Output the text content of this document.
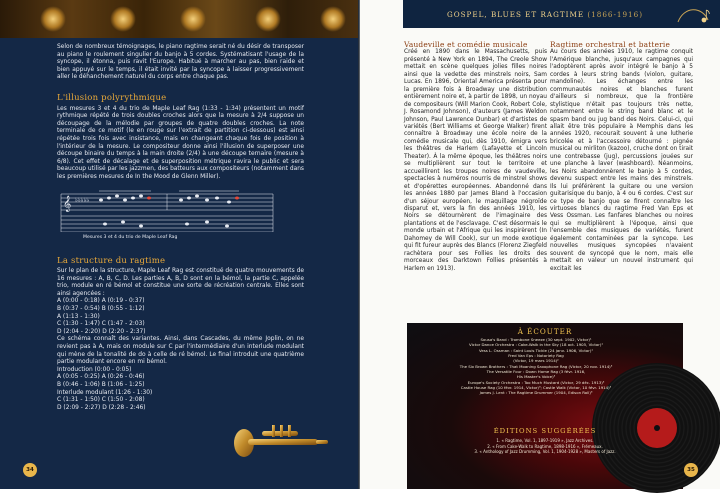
Selon de nombreux témoignages, le piano ragtime serait né du désir de transposer au piano le roulement singulier du banjo à 5 cordes. Systématisant l'usage de la syncope, il étonna, puis ravit l'Europe. Habitué à marcher au pas, bien raide et bien appuyé sur le temps, il était invité par la syncope à laisser progressivement aller le déhanchement naturel du corps entre chaque pas.

L'illusion polyrythmique

Les mesures 3 et 4 du trio de Maple Leaf Rag (1:33 - 1:34) présentent un motif rythmique répété de trois doubles croches alors que la mesure à 2/4 suppose un découpage de la mélodie par groupes de quatre doubles croches. La note terminale de ce motif (le en rouge sur l'extrait de partition ci-dessous) est ainsi répétée trois fois avec insistance, mais en changeant chaque fois de position à l'intérieur de la mesure. Le compositeur donne ainsi l'illusion de superposer une découpe binaire du temps à la main droite (2/4) à une découpe ternaire (mesure à 6/8). Cet effet de décalage et de superposition métrique ravira le public et sera beaucoup utilisé par les jazzmen, des batteurs aux compositeurs (notamment dans les premières mesures de In the Mood de Glenn Miller).

𝄞 ♭♭♭♭♭
Mesures 3 et 4 du trio de Maple Leaf Rag
La structure du ragtime

Sur le plan de la structure, Maple Leaf Rag est constitué de quatre mouvements de 16 mesures : A, B, C, D. Les parties A, B, D sont en la bémol, la partie C, appelée trio, module en ré bémol et constitue une sorte de récréation centrale. Elles sont ainsi agencées :

A (0:00 - 0:18) A (0:19 - 0:37)
B (0:37 - 0:54) B (0:55 - 1:12)
A (1:13 - 1:30)
C (1:30 - 1:47) C (1:47 - 2:03)
D (2:04 - 2:20) D (2:20 - 2:37)

Ce schéma connaît des variantes. Ainsi, dans Cascades, du même Joplin, on ne revient pas à A, mais on module sur C par l'intermédiaire d'un interlude modulant qui mène de la tonalité de do à celle de ré bémol. Le final introduit une quatrième partie modulant encore en mi bémol.

Introduction (0:00 - 0:05)
A (0:05 - 0:25) A (0:26 - 0:46)
B (0:46 - 1:06) B (1:06 - 1:25)
Interlude modulant (1:26 - 1:30)
C (1:31 - 1:50) C (1:50 - 2:08)
D (2:09 - 2:27) D (2:28 - 2:46)
34
GOSPEL, BLUES ET RAGTIME (1866-1916)
Vaudeville et comédie musicale

Créé en 1890 dans le Massachusetts, puis présenté à New York en 1894, The Creole Show mettait en scène quelques jolies filles noires ainsi que la vedette des minstrels noirs, Sam Lucas. En 1896, Oriental America présenta pour la première fois à Broadway une distribution entièrement noire et, à partir de 1898, un noyau de compositeurs (Will Marion Cook, Robert Cole, J. Rosamond Johnson), d'auteurs (James Weldon Johnson, Paul Lawrence Dunbar) et d'artistes de variétés (Bert Williams et George Walker) firent connaître à Broadway une école noire de la comédie musicale qui, dès 1910, émigra vers les théâtres de Harlem (Lafayette et Lincoln Theater). À la même époque, les théâtres noirs se multiplièrent sur tout le territoire et accueillirent les troupes noires de vaudeville, spectacles à numéros nourris de minstrel shows et d'opérettes européennes. Abandonné dans les années 1880 par James Bland à l'occasion d'un séjour européen, le maquillage négroïde disparut et, vers la fin des années 1910, les Noirs se détournèrent de l'imaginaire des plantations et de l'esclavage. C'est désormais le monde urbain et l'Afrique qui les inspirèrent (In Dahomey de Will Cook), sur un mode exotique qui fit fureur auprès des Blancs (Florenz Ziegfeld rachètera pour ses Follies les droits des morceaux des Darktown Follies présentés à Harlem en 1913).

Ragtime orchestral et batterie

Au cours des années 1910, le ragtime conquit l'Amérique blanche, jusqu'aux campagnes qui l'adoptèrent après avoir intégré le banjo à 5 cordes à leurs string bands (violon, guitare, mandoline). Les échanges entre les communautés noires et blanches furent d'ailleurs si nombreux, que la frontière stylistique n'était pas toujours très nette, notamment entre le string band blanc et le spasm band ou jug band des Noirs. Celui-ci, qui allait être très populaire à Memphis dans les années 1920, recourait souvent à une lutherie bricolée et à l'accessoire détourné : pignée musical ou mirliton (kazoo), cruche dont on tirait une contrebasse (jug), percussions jouées sur une planche à laver (washboard). Néanmoins, les Noirs abandonnèrent le banjo à 5 cordes, devenu suspect entre les mains des minstrels. Ils lui préférèrent la guitare ou une version guitarisique du banjo, à 4 ou 6 cordes. C'est sur ce type de banjo que se firent connaître les virtuoses blancs du ragtime Fred Van Eps et Vess Ossman. Les fanfares blanches ou noires qui se multiplièrent à l'époque, ainsi que l'ensemble des musiques de variétés, furent également contaminées par la syncope. Les nouvelles musiques syncopées n'avaient souvent de syncopé que le nom, mais elle mettait en valeur un nouvel instrument qui excitait les

À ÉCOUTER
Sousa's Band : Trombone Sneeze (30 sept. 1902, Victor)¹
Victor Dance Orchestra : Cake-Walk in the Sky (18 oct. 1905, Victor)¹
Vess L. Ossman : Saint Louis Tickle (24 janv. 1906, Victor)¹
Fred Van Eps : Notoriety Rag
(Victor, 19 mars 1914)²
The Six Brown Brothers : That Moaning Saxophone Rag (Victor, 20 nov. 1914)³
The Versatile Four : Down Home Rag (3 févr. 1916,
His Master's Voice)³
Europe's Society Orchestra : Too Much Mustard (Victor, 29 déc. 1913)³
Castle House Rag (10 févr. 1914, Victor)³; Castle Walk (Victor, 10 févr. 1914)³
James J. Lent : The Ragtime Drummer (1904, Edison Roll)³
ÉDITIONS SUGGÉRÉES
1. « Ragtime, Vol. 1, 1897-1919 », Jazz Archives.
2. « From Cake-Walk to Ragtime, 1898-1916 », Frémeaux.
3. « Anthology of Jazz Drumming, Vol. 1, 1904-1928 », Masters of Jazz.
35
